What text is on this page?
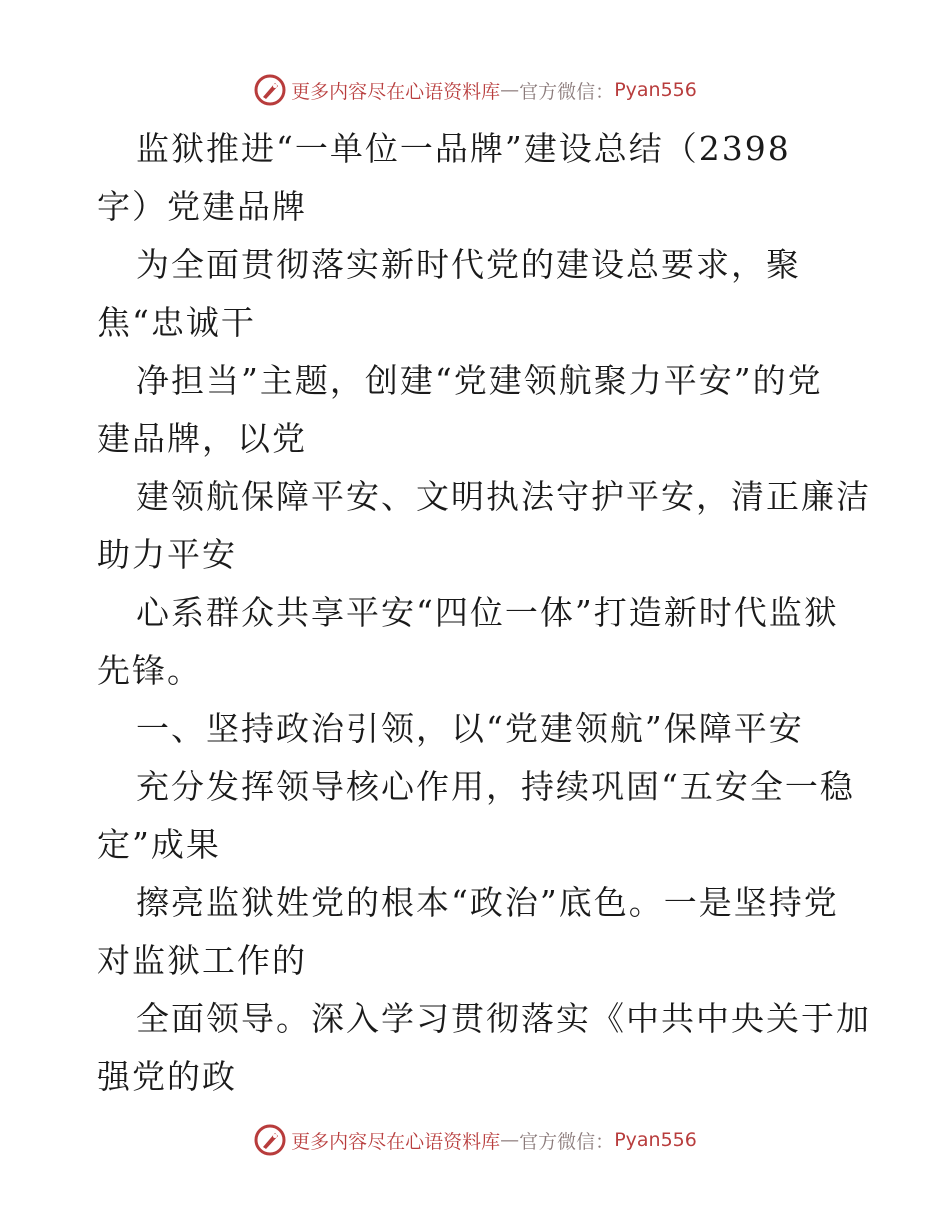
更多内容尽在心语资料库 — 官方微信： Pyan556
监狱推进“一单位一品牌”建设总结（2398
字）党建品牌
为全面贯彻落实新时代党的建设总要求，聚
焦“忠诚干
净担当”主题，创建“党建领航聚力平安”的党
建品牌，以党
建领航保障平安、文明执法守护平安，清正廉洁
助力平安
心系群众共享平安“四位一体”打造新时代监狱
先锋。
一、坚持政治引领，以“党建领航”保障平安
充分发挥领导核心作用，持续巩固“五安全一稳
定”成果
擦亮监狱姓党的根本“政治”底色。一是坚持党
对监狱工作的
全面领导。深入学习贯彻落实《中共中央关于加
强党的政
更多内容尽在心语资料库 — 官方微信： Pyan556
